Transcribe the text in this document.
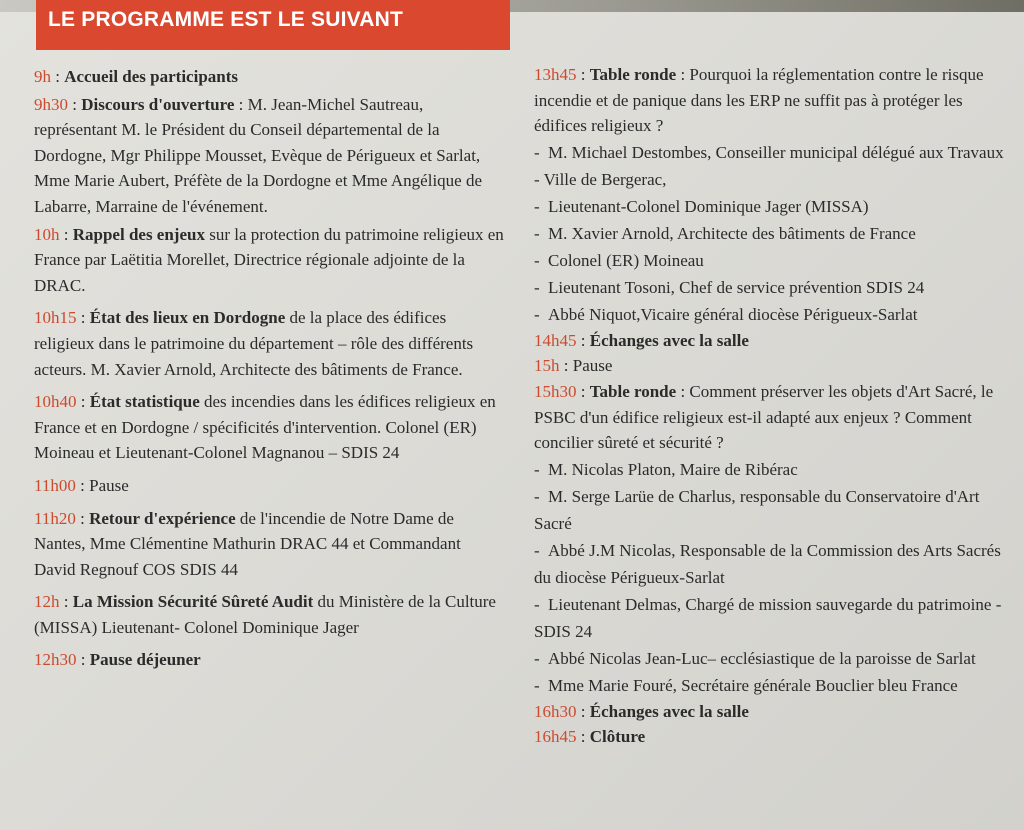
LE PROGRAMME EST LE SUIVANT
9h : Accueil des participants
9h30 : Discours d'ouverture : M. Jean-Michel Sautreau, représentant M. le Président du Conseil départemental de la Dordogne, Mgr Philippe Mousset, Evèque de Périgueux et Sarlat, Mme Marie Aubert, Préfète de la Dordogne et Mme Angélique de Labarre, Marraine de l'événement.
10h : Rappel des enjeux sur la protection du patrimoine religieux en France par Laëtitia Morellet, Directrice régionale adjointe de la DRAC.
10h15 : État des lieux en Dordogne de la place des édifices religieux dans le patrimoine du département – rôle des différents acteurs. M. Xavier Arnold, Architecte des bâtiments de France.
10h40 : État statistique des incendies dans les édifices religieux en France et en Dordogne / spécificités d'intervention. Colonel (ER) Moineau et Lieutenant-Colonel Magnanou – SDIS 24
11h00 : Pause
11h20 : Retour d'expérience de l'incendie de Notre Dame de Nantes, Mme Clémentine Mathurin DRAC 44 et Commandant David Regnouf COS SDIS 44
12h : La Mission Sécurité Sûreté Audit du Ministère de la Culture (MISSA) Lieutenant- Colonel Dominique Jager
12h30 : Pause déjeuner
13h45 : Table ronde : Pourquoi la réglementation contre le risque incendie et de panique dans les ERP ne suffit pas à protéger les édifices religieux ?
- M. Michael Destombes, Conseiller municipal délégué aux Travaux - Ville de Bergerac,
- Lieutenant-Colonel Dominique Jager (MISSA)
- M. Xavier Arnold, Architecte des bâtiments de France
- Colonel (ER) Moineau
- Lieutenant Tosoni, Chef de service prévention SDIS 24
- Abbé Niquot,Vicaire général diocèse Périgueux-Sarlat
14h45 : Échanges avec la salle
15h : Pause
15h30 : Table ronde : Comment préserver les objets d'Art Sacré, le PSBC d'un édifice religieux est-il adapté aux enjeux ? Comment concilier sûreté et sécurité ?
- M. Nicolas Platon, Maire de Ribérac
- M. Serge Larüe de Charlus, responsable du Conservatoire d'Art Sacré
- Abbé J.M Nicolas, Responsable de la Commission des Arts Sacrés du diocèse Périgueux-Sarlat
- Lieutenant Delmas, Chargé de mission sauvegarde du patrimoine - SDIS 24
- Abbé Nicolas Jean-Luc– ecclésiastique de la paroisse de Sarlat
- Mme Marie Fouré, Secrétaire générale Bouclier bleu France
16h30 : Échanges avec la salle
16h45 : Clôture
